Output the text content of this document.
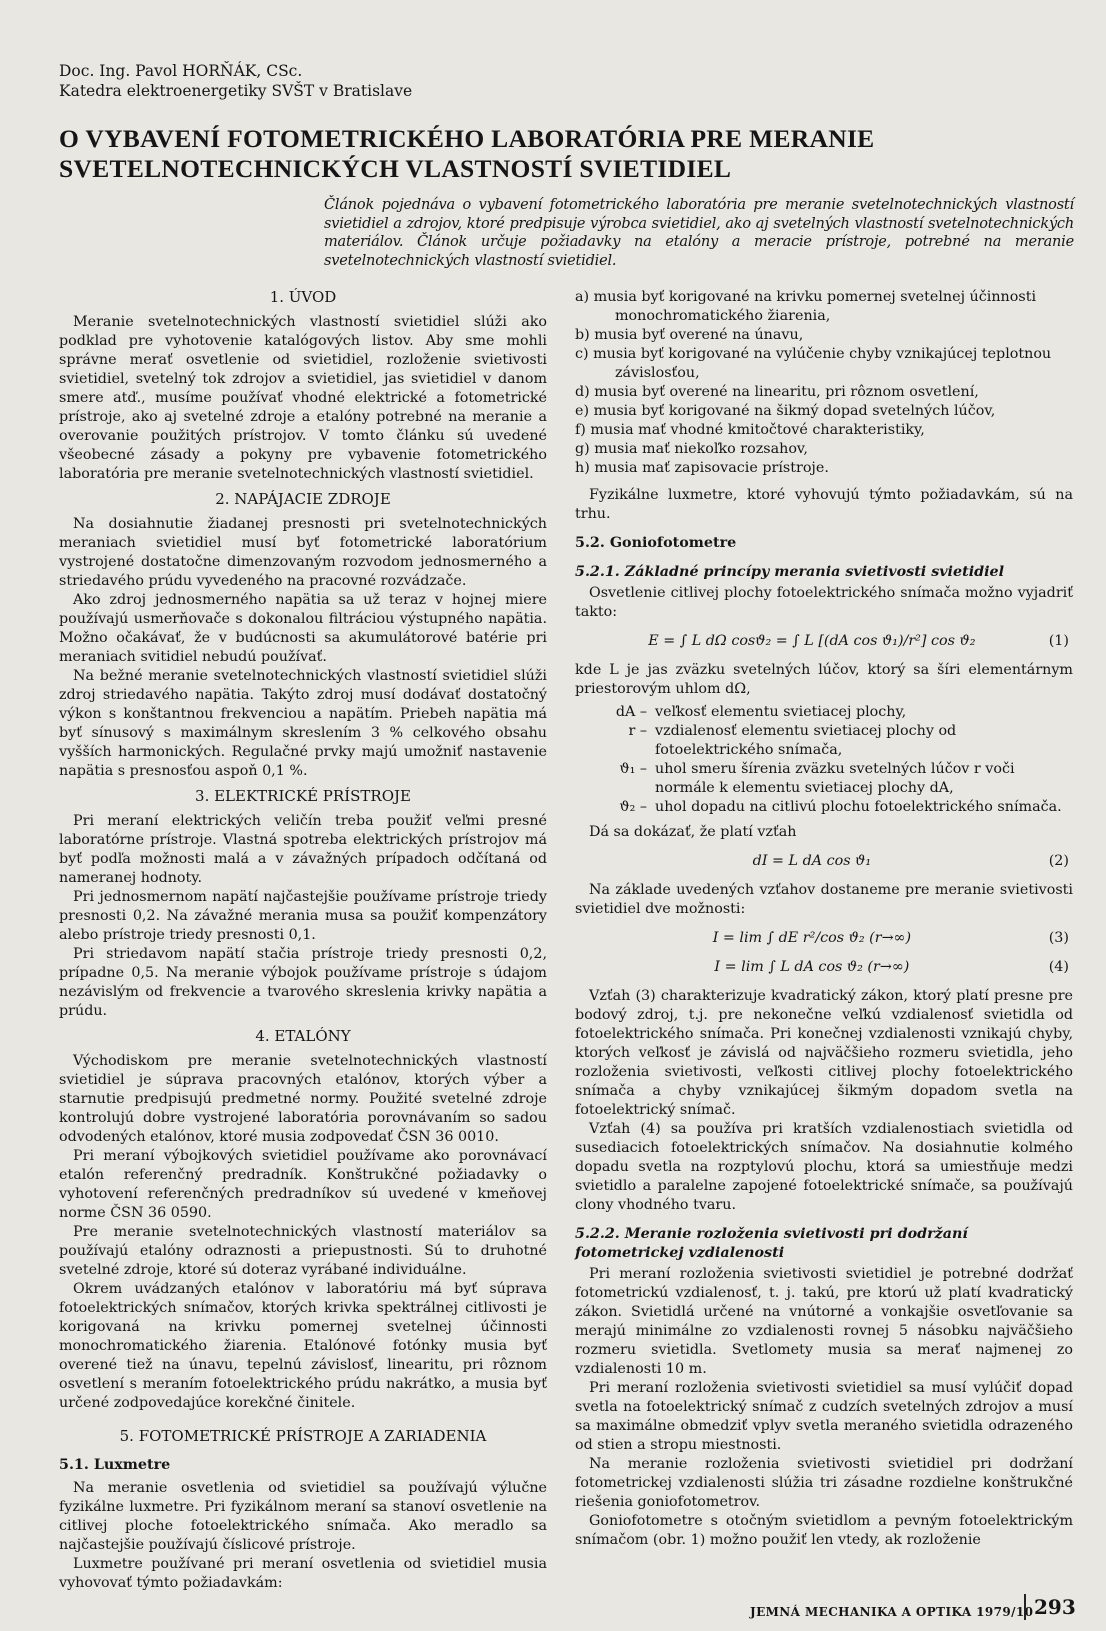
Doc. Ing. Pavol HORŇÁK, CSc.
Katedra elektroenergetiky SVŠT v Bratislave
O VYBAVENÍ FOTOMETRICKÉHO LABORATÓRIA PRE MERANIE SVETELNOTECHNICKÝCH VLASTNOSTÍ SVIETIDIEL
Článok pojednáva o vybavení fotometrického laboratória pre meranie svetelnotechnických vlastností svietidiel a zdrojov, ktoré predpisuje výrobca svietidiel, ako aj svetelných vlastností svetelnotechnických materiálov. Článok určuje požiadavky na etalóny a meracie prístroje, potrebné na meranie svetelnotechnických vlastností svietidiel.
1. ÚVOD

Meranie svetelnotechnických vlastností svietidiel slúži ako podklad pre vyhotovenie katalógových listov. Aby sme mohli správne merať osvetlenie od svietidiel, rozloženie svietivosti svietidiel, svetelný tok zdrojov a svietidiel, jas svietidiel v danom smere atď., musíme používať vhodné elektrické a fotometrické prístroje, ako aj svetelné zdroje a etalóny potrebné na meranie a overovanie použitých prístrojov. V tomto článku sú uvedené všeobecné zásady a pokyny pre vybavenie fotometrického laboratória pre meranie svetelnotechnických vlastností svietidiel.

2. NAPÁJACIE ZDROJE

Na dosiahnutie žiadanej presnosti pri svetelnotechnických meraniach svietidiel musí byť fotometrické laboratórium vystrojené dostatočne dimenzovaným rozvodom jednosmerného a striedavého prúdu vyvedeného na pracovné rozvádzače.

Ako zdroj jednosmerného napätia sa už teraz v hojnej miere používajú usmerňovače s dokonalou filtráciou výstupného napätia. Možno očakávať, že v budúcnosti sa akumulátorové batérie pri meraniach svitidiel nebudú používať.

Na bežné meranie svetelnotechnických vlastností svietidiel slúži zdroj striedavého napätia. Takýto zdroj musí dodávať dostatočný výkon s konštantnou frekvenciou a napätím. Priebeh napätia má byť sínusový s maximálnym skreslením 3 % celkového obsahu vyšších harmonických. Regulačné prvky majú umožniť nastavenie napätia s presnosťou aspoň 0,1 %.

3. ELEKTRICKÉ PRÍSTROJE

Pri meraní elektrických veličín treba použiť veľmi presné laboratórne prístroje. Vlastná spotreba elektrických prístrojov má byť podľa možnosti malá a v závažných prípadoch odčítaná od nameranej hodnoty.

Pri jednosmernom napätí najčastejšie používame prístroje triedy presnosti 0,2. Na závažné merania musa sa použiť kompenzátory alebo prístroje triedy presnosti 0,1.

Pri striedavom napätí stačia prístroje triedy presnosti 0,2, prípadne 0,5. Na meranie výbojok používame prístroje s údajom nezávislým od frekvencie a tvarového skreslenia krivky napätia a prúdu.

4. ETALÓNY

Východiskom pre meranie svetelnotechnických vlastností svietidiel je súprava pracovných etalónov, ktorých výber a starnutie predpisujú predmetné normy. Použité svetelné zdroje kontrolujú dobre vystrojené laboratória porovnávaním so sadou odvodených etalónov, ktoré musia zodpovedať ČSN 36 0010.

Pri meraní výbojkových svietidiel používame ako porovnávací etalón referenčný predradník. Konštrukčné požiadavky o vyhotovení referenčných predradníkov sú uvedené v kmeňovej norme ČSN 36 0590.

Pre meranie svetelnotechnických vlastností materiálov sa používajú etalóny odraznosti a priepustnosti. Sú to druhotné svetelné zdroje, ktoré sú doteraz vyrábané individuálne.

Okrem uvádzaných etalónov v laboratóriu má byť súprava fotoelektrických snímačov, ktorých krivka spektrálnej citlivosti je korigovaná na krivku pomernej svetelnej účinnosti monochromatického žiarenia. Etalónové fotónky musia byť overené tiež na únavu, tepelnú závislosť, linearitu, pri rôznom osvetlení s meraním fotoelektrického prúdu nakrátko, a musia byť určené zodpovedajúce korekčné činitele.

5. FOTOMETRICKÉ PRÍSTROJE A ZARIADENIA
5.1. Luxmetre

Na meranie osvetlenia od svietidiel sa používajú výlučne fyzikálne luxmetre. Pri fyzikálnom meraní sa stanoví osvetlenie na citlivej ploche fotoelektrického snímača. Ako meradlo sa najčastejšie používajú číslicové prístroje.

Luxmetre používané pri meraní osvetlenia od svietidiel musia vyhovovať týmto požiadavkám:

a) musia byť korigované na krivku pomernej svetelnej účinnosti monochromatického žiarenia,
b) musia byť overené na únavu,
c) musia byť korigované na vylúčenie chyby vznikajúcej teplotnou závislosťou,
d) musia byť overené na linearitu, pri rôznom osvetlení,
e) musia byť korigované na šikmý dopad svetelných lúčov,
f) musia mať vhodné kmitočtové charakteristiky,
g) musia mať niekoľko rozsahov,
h) musia mať zapisovacie prístroje.

Fyzikálne luxmetre, ktoré vyhovujú týmto požiadavkám, sú na trhu.

5.2. Goniofotometre
5.2.1. Základné princípy merania svietivosti svietidiel

Osvetlenie citlivej plochy fotoelektrického snímača možno vyjadriť takto:

E = ∫ L dΩ cosϑ₂ = ∫ L [(dA cos ϑ₁)/r²] cos ϑ₂	(1)

kde L je jas zväzku svetelných lúčov, ktorý sa šíri elementárnym priestorovým uhlom dΩ,

dA – veľkosť elementu svietiacej plochy,
r – vzdialenosť elementu svietiacej plochy od fotoelektrického snímača,
ϑ₁ – uhol smeru šírenia zväzku svetelných lúčov r voči normále k elementu svietiacej plochy dA,
ϑ₂ – uhol dopadu na citlivú plochu fotoelektrického snímača.

Dá sa dokázať, že platí vzťah

dI = L dA cos ϑ₁	(2)

Na základe uvedených vzťahov dostaneme pre meranie svietivosti svietidiel dve možnosti:

I = lim ∫ dE r²/cos ϑ₂ (r→∞)	(3)
I = lim ∫ L dA cos ϑ₂ (r→∞)	(4)

Vzťah (3) charakterizuje kvadratický zákon, ktorý platí presne pre bodový zdroj, t.j. pre nekonečne veľkú vzdialenosť svietidla od fotoelektrického snímača. Pri konečnej vzdialenosti vznikajú chyby, ktorých veľkosť je závislá od najväčšieho rozmeru svietidla, jeho rozloženia svietivosti, veľkosti citlivej plochy fotoelektrického snímača a chyby vznikajúcej šikmým dopadom svetla na fotoelektrický snímač.

Vzťah (4) sa používa pri kratších vzdialenostiach svietidla od susediacich fotoelektrických snímačov. Na dosiahnutie kolmého dopadu svetla na rozptylovú plochu, ktorá sa umiestňuje medzi svietidlo a paralelne zapojené fotoelektrické snímače, sa používajú clony vhodného tvaru.

5.2.2. Meranie rozloženia svietivosti pri dodržaní fotometrickej vzdialenosti

Pri meraní rozloženia svietivosti svietidiel je potrebné dodržať fotometrickú vzdialenosť, t. j. takú, pre ktorú už platí kvadratický zákon. Svietidlá určené na vnútorné a vonkajšie osvetľovanie sa merajú minimálne zo vzdialenosti rovnej 5 násobku najväčšieho rozmeru svietidla. Svetlomety musia sa merať najmenej zo vzdialenosti 10 m.

Pri meraní rozloženia svietivosti svietidiel sa musí vylúčiť dopad svetla na fotoelektrický snímač z cudzích svetelných zdrojov a musí sa maximálne obmedziť vplyv svetla meraného svietidla odrazeného od stien a stropu miestnosti.

Na meranie rozloženia svietivosti svietidiel pri dodržaní fotometrickej vzdialenosti slúžia tri zásadne rozdielne konštrukčné riešenia goniofotometrov.

Goniofotometre s otočným svietidlom a pevným fotoelektrickým snímačom (obr. 1) možno použiť len vtedy, ak rozloženie

JEMNÁ MECHANIKA A OPTIKA 1979/10 293
